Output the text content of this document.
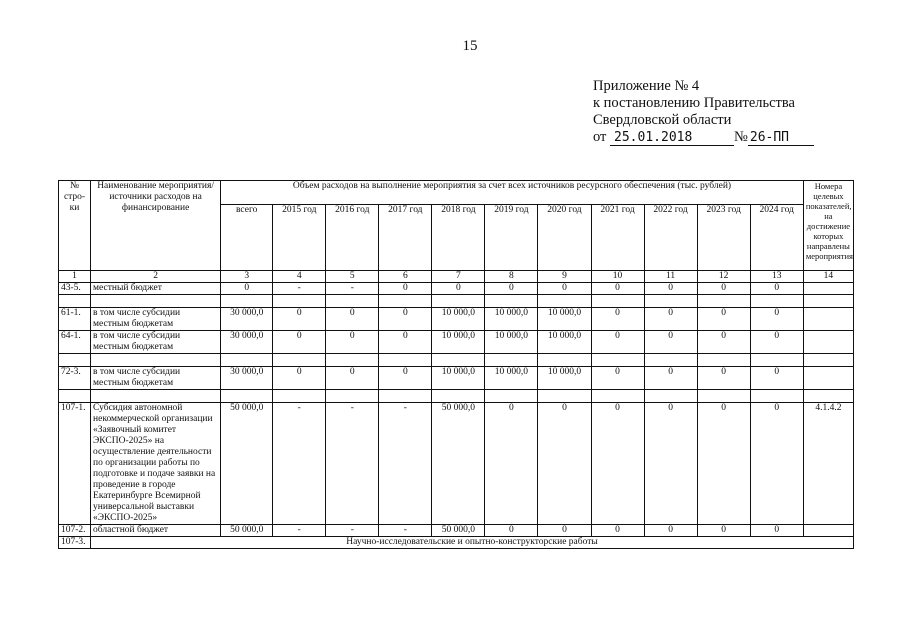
15
Приложение № 4
к постановлению Правительства
Свердловской области
от 25.01.2018	№ 26-ПП
№ стро-ки	Наименование мероприятия/ источники расходов на финансирование	Объем расходов на выполнение мероприятия за счет всех источников ресурсного обеспечения (тыс. рублей)											Номера целевых показателей, на достижение которых направлены мероприятия
		всего	2015 год	2016 год	2017 год	2018 год	2019 год	2020 год	2021 год	2022 год	2023 год	2024 год	
1	2	3	4	5	6	7	8	9	10	11	12	13	14
43-5.	местный бюджет	0	-	-	0	0	0	0	0	0	0	0	

61-1.	в том числе субсидии местным бюджетам	30 000,0	0	0	0	10 000,0	10 000,0	10 000,0	0	0	0	0	
64-1.	в том числе субсидии местным бюджетам	30 000,0	0	0	0	10 000,0	10 000,0	10 000,0	0	0	0	0	

72-3.	в том числе субсидии местным бюджетам	30 000,0	0	0	0	10 000,0	10 000,0	10 000,0	0	0	0	0	

107-1.	Субсидия автономной некоммерческой организации «Заявочный комитет ЭКСПО-2025» на осуществление деятельности по организации работы по подготовке и подаче заявки на проведение в городе Екатеринбурге Всемирной универсальной выставки «ЭКСПО-2025»	50 000,0	-	-	-	50 000,0	0	0	0	0	0	0	4.1.4.2
107-2.	областной бюджет	50 000,0	-	-	-	50 000,0	0	0	0	0	0	0	
107-3.	Научно-исследовательские и опытно-конструкторские работы												
